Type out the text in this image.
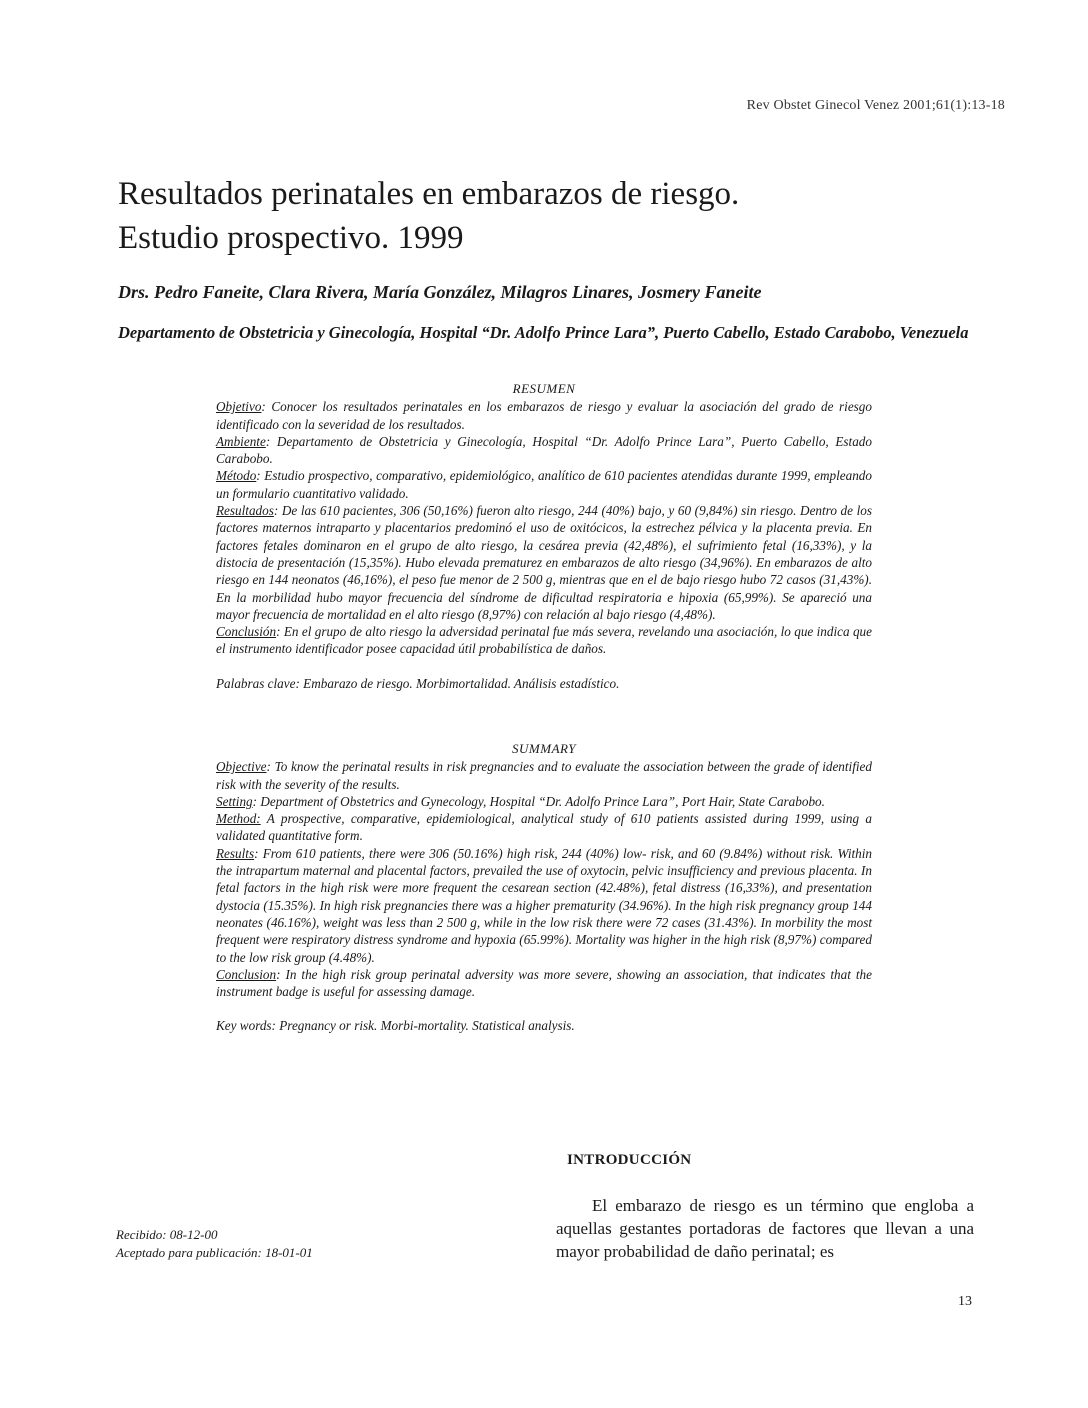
Rev Obstet Ginecol Venez 2001;61(1):13-18
Resultados perinatales en embarazos de riesgo.
Estudio prospectivo. 1999
Drs. Pedro Faneite, Clara Rivera, María González, Milagros Linares, Josmery Faneite
Departamento de Obstetricia y Ginecología, Hospital “Dr. Adolfo Prince Lara”, Puerto Cabello, Estado Carabobo, Venezuela
RESUMEN

Objetivo: Conocer los resultados perinatales en los embarazos de riesgo y evaluar la asociación del grado de riesgo identificado con la severidad de los resultados.

Ambiente: Departamento de Obstetricia y Ginecología, Hospital “Dr. Adolfo Prince Lara”, Puerto Cabello, Estado Carabobo.

Método: Estudio prospectivo, comparativo, epidemiológico, analítico de 610 pacientes atendidas durante 1999, empleando un formulario cuantitativo validado.

Resultados: De las 610 pacientes, 306 (50,16%) fueron alto riesgo, 244 (40%) bajo, y 60 (9,84%) sin riesgo. Dentro de los factores maternos intraparto y placentarios predominó el uso de oxitócicos, la estrechez pélvica y la placenta previa. En factores fetales dominaron en el grupo de alto riesgo, la cesárea previa (42,48%), el sufrimiento fetal (16,33%), y la distocia de presentación (15,35%). Hubo elevada prematurez en embarazos de alto riesgo (34,96%). En embarazos de alto riesgo en 144 neonatos (46,16%), el peso fue menor de 2 500 g, mientras que en el de bajo riesgo hubo 72 casos (31,43%). En la morbilidad hubo mayor frecuencia del síndrome de dificultad respiratoria e hipoxia (65,99%). Se apareció una mayor frecuencia de mortalidad en el alto riesgo (8,97%) con relación al bajo riesgo (4,48%).

Conclusión: En el grupo de alto riesgo la adversidad perinatal fue más severa, revelando una asociación, lo que indica que el instrumento identificador posee capacidad útil probabilística de daños.

Palabras clave: Embarazo de riesgo. Morbimortalidad. Análisis estadístico.

SUMMARY

Objective: To know the perinatal results in risk pregnancies and to evaluate the association between the grade of identified risk with the severity of the results.

Setting: Department of Obstetrics and Gynecology, Hospital “Dr. Adolfo Prince Lara”, Port Hair, State Carabobo.

Method: A prospective, comparative, epidemiological, analytical study of 610 patients assisted during 1999, using a validated quantitative form.

Results: From 610 patients, there were 306 (50.16%) high risk, 244 (40%) low- risk, and 60 (9.84%) without risk. Within the intrapartum maternal and placental factors, prevailed the use of oxytocin, pelvic insufficiency and previous placenta. In fetal factors in the high risk were more frequent the cesarean section (42.48%), fetal distress (16,33%), and presentation dystocia (15.35%). In high risk pregnancies there was a higher prematurity (34.96%). In the high risk pregnancy group 144 neonates (46.16%), weight was less than 2 500 g, while in the low risk there were 72 cases (31.43%). In morbility the most frequent were respiratory distress syndrome and hypoxia (65.99%). Mortality was higher in the high risk (8,97%) compared to the low risk group (4.48%).

Conclusion: In the high risk group perinatal adversity was more severe, showing an association, that indicates that the instrument badge is useful for assessing damage.

Key words: Pregnancy or risk. Morbi-mortality. Statistical analysis.

INTRODUCCIÓN

El embarazo de riesgo es un término que engloba a aquellas gestantes portadoras de factores que llevan a una mayor probabilidad de daño perinatal; es

Recibido: 08-12-00
Aceptado para publicación: 18-01-01
13
